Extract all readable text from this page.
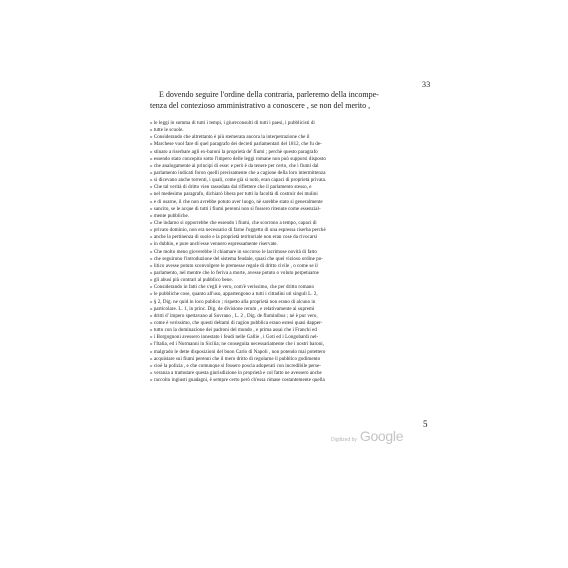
33
E dovendo seguire l'ordine della contraria, parleremo della incompe-
tenza del contezioso amministrativo a conoscere , se non del merito ,
» le leggi in somma di tutti i tempi, i giureconsulti di tutti i paesi, i pubblicisti di
» tutte le scuole.
» Considerando che altrettanto è più stemerata ancora la interpetrazione che il
» Marchese vuol fare di quel paragrafo dei decreti parlamentari del 1812, che fu de-
» stinato a riserbare agli ex-baroni la proprietà de' fiumi ; perchè questo paragrafo
» essendo stato concepito sotto l'impero delle leggi romane non può supporsi disposto
» che analogamente ai principi di esse: e però è da tenere per certo, che i fiumi dal
» parlamento indicati foron quelli precisamente che a cagione della loro intermittenza
» si dicevano anche torrenti, i quali, come già si notò, eran capaci di proprietà privata.
» Che tal verità di dritto vien rassodata dal riflettere che il parlamento stesso, e
» nel medesimo paragrafo, dichiarò libera per tutti la facoltà di costruir dei mulini
» e di usarne, il che non avrebbe potuto aver luogo, nè sarebbe stato si generalmente
» sancito, se le acque di tutti i fiumi perenni non si fossero ritenute come essenzial-
» mente pubbliche.
» Che indarno si opporrebbe che essendo i fiumi, che scorrono a tempo, capaci di
» privato dominio, non era necessario di farne l'oggetto di una espressa riserba perchè
» anche la pertinenza di suolo e la proprietà territoriale non eran cose da rivocarsi
» in dubbio, e pure anch'esse vennero espressamente riservate.
» Che molto meno gioverebbe il chiamare in soccorso le lacrimose novità di fatto
» che seguirono l'introduzione del sistema feudale, quasi che quel vizioso ordine po-
» litico avesse potuto sconvolgere le premesse regole di dritto civile , o come se il
» parlamento, nel mentre che lo feriva a morte, avesse potuto o voluto perpetuarne
» gli abusi più contrari al pubblico bene.
» Considerando in fatti che s'egli è vero, com'è verissimo, che per dritto romano
» le pubbliche cose, quanto all'uso, appartengono a tutti i cittadini uti singuli L. 2,
» § 2, Dig. ne quid in loco publico ; rispetto alla proprietà non erano di alcuno in
» particolare. L. 1, in princ. Dig. de divisione rerum , e relativamente ai supremi
» dritti d' impero spettavano al Sovrano , L. 2 , Dig. de fluminibus ; nè è pur vero,
» come è verissimo, che questi deltami di ragion pubblica erano estesi quasi dapper-
» tutto con la dominazione dei padroni del mondo , e prima assai che i Franchi ed
» i Borgognoni avessero innestato i feudi nelle Gallie , i Goti ed i Longobardi nel-
» l'Italia, ed i Normanni in Sicilia; ne conseguita necessariamente che i nostri baroni,
» malgrado le dette disposizioni del buon Carlo di Napoli , non potendo mai potettero
» acquistare sui fiumi perenni che il mero dritto di regolarne il pubblico godimento
» cioè la polizia , e che comunque si fossero poscia adoperati con incredibile perse-
» veranza a tramutare questa giurisdizione in proprietà e col fatto ne avessero anche
» raccolto ingiusti guadagni, è sempre certo però ch'essa rimase costantemente quella
5
Digitized by Google
